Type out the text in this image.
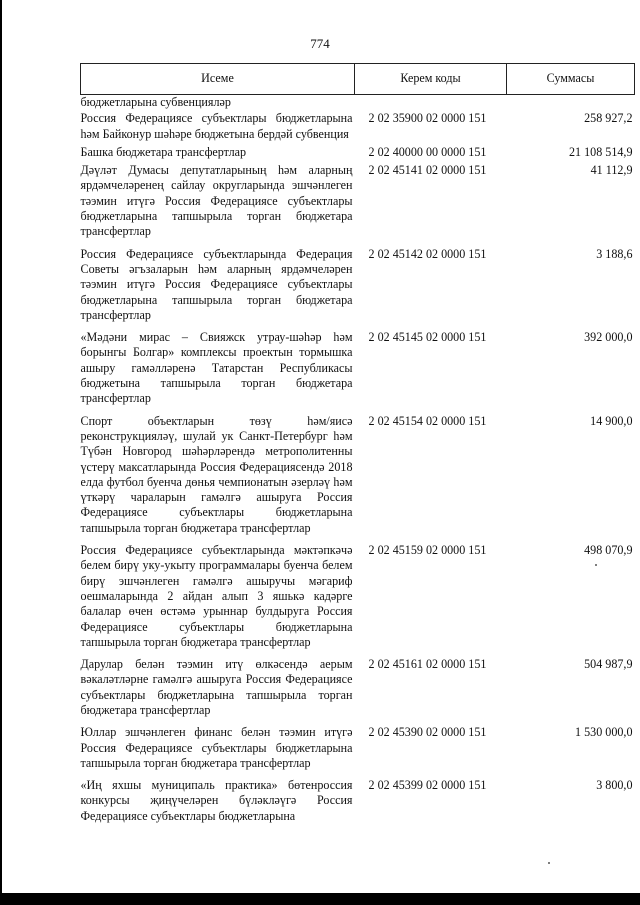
774
Исеме	Керем коды	Суммасы
бюджетларына субвенцияләр		
Россия Федерациясе субъектлары бюджетларына һәм Байконур шәһәре бюджетына бердәй субвенция	2 02 35900 02 0000 151	258 927,2
Башка бюджетара трансфертлар	2 02 40000 00 0000 151	21 108 514,9
Дәүләт Думасы депутатларының һәм аларның ярдәмчеләренең сайлау округларында эшчәнлеген тәэмин итүгә Россия Федерациясе субъектлары бюджетларына тапшырыла торган бюджетара трансфертлар	2 02 45141 02 0000 151	41 112,9
Россия Федерациясе субъектларында Федерация Советы әгъзаларын һәм аларның ярдәмчеләрен тәэмин итүгә Россия Федерациясе субъектлары бюджетларына тапшырыла торган бюджетара трансфертлар	2 02 45142 02 0000 151	3 188,6
«Мәдәни мирас – Свияжск утрау-шәһәр һәм борынгы Болгар» комплексы проектын тормышка ашыру гамәлләренә Татарстан Республикасы бюджетына тапшырыла торган бюджетара трансфертлар	2 02 45145 02 0000 151	392 000,0
Спорт объектларын төзү һәм/яисә реконструкцияләү, шулай ук Санкт-Петербург һәм Түбән Новгород шәһәрләрендә метрополитенны үстерү максатларында Россия Федерациясендә 2018 елда футбол буенча дөнья чемпионатын әзерләү һәм үткәрү чараларын гамәлгә ашыруга Россия Федерациясе субъектлары бюджетларына тапшырыла торган бюджетара трансфертлар	2 02 45154 02 0000 151	14 900,0
Россия Федерациясе субъектларында мәктәпкәчә белем бирү уку-укыту программалары буенча белем бирү эшчәнлеген гамәлгә ашыручы мәгариф оешмаларында 2 айдан алып 3 яшькә кадәрге балалар өчен өстәмә урыннар булдыруга Россия Федерациясе субъектлары бюджетларына тапшырыла торган бюджетара трансфертлар	2 02 45159 02 0000 151	498 070,9
Дарулар белән тәэмин итү өлкәсендә аерым вәкаләтләрне гамәлгә ашыруга Россия Федерациясе субъектлары бюджетларына тапшырыла торган бюджетара трансфертлар	2 02 45161 02 0000 151	504 987,9
Юллар эшчәнлеген финанс белән тәэмин итүгә Россия Федерациясе субъектлары бюджетларына тапшырыла торган бюджетара трансфертлар	2 02 45390 02 0000 151	1 530 000,0
«Иң яхшы муниципаль практика» бөтенроссия конкурсы җиңүчеләрен бүләкләүгә Россия Федерациясе субъектлары бюджетларына	2 02 45399 02 0000 151	3 800,0
